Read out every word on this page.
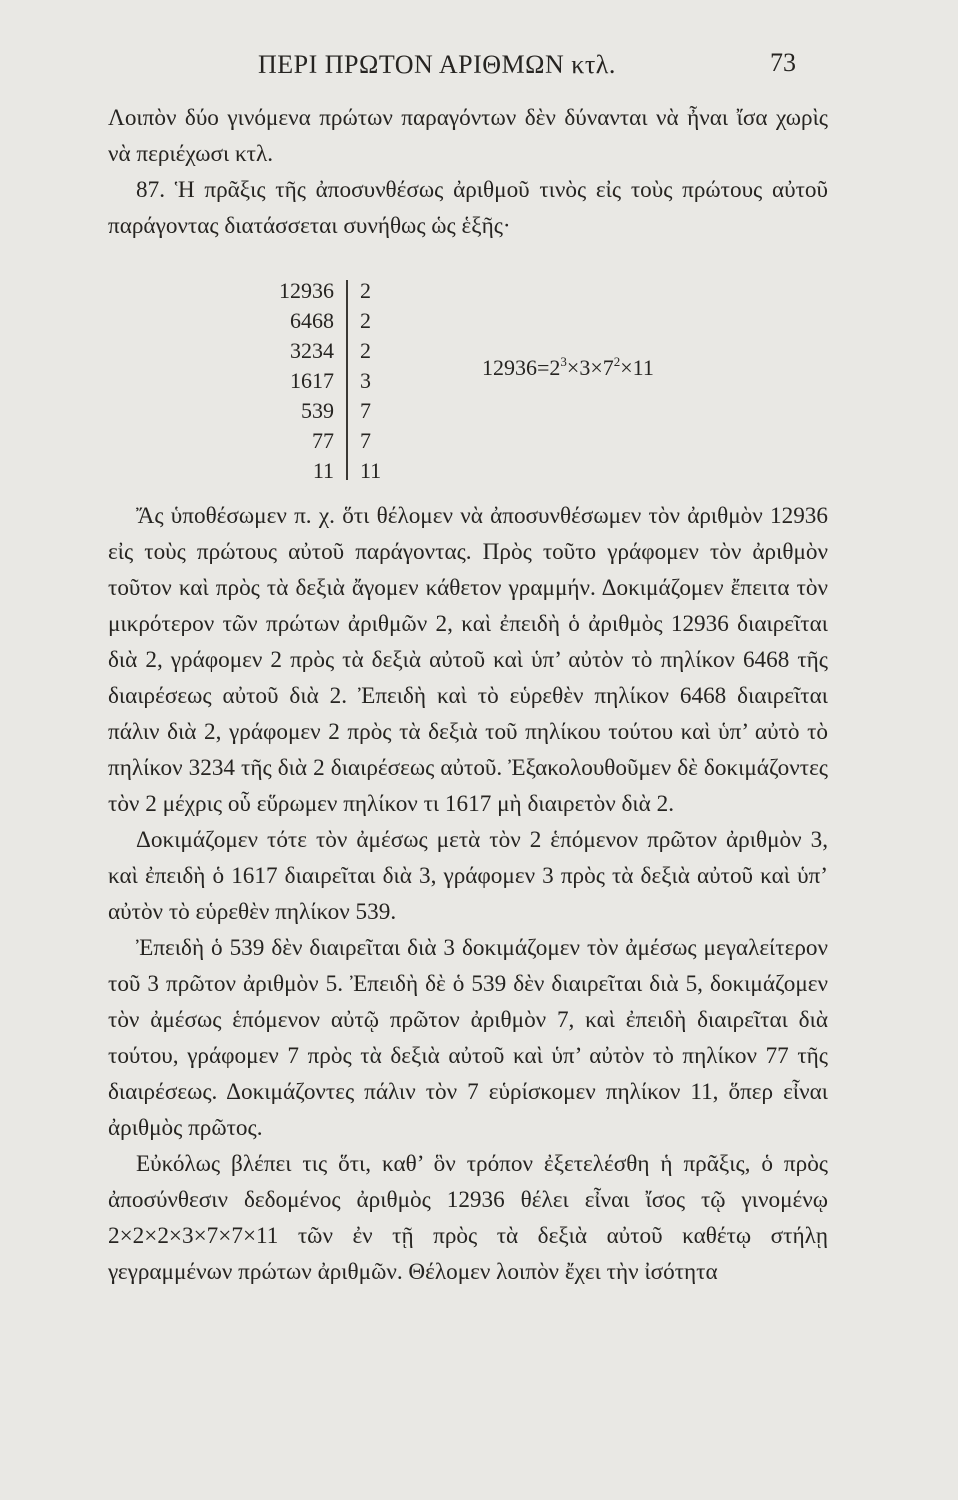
ΠΕΡΙ ΠΡΩΤΟΝ ΑΡΙΘΜΩΝ κτλ.	73

Λοιπὸν δύο γινόμενα πρώτων παραγόντων δὲν δύνανται νὰ ἦναι ἴσα χωρὶς νὰ περιέχωσι κτλ.

87. Ἡ πρᾶξις τῆς ἀποσυνθέσως ἀριθμοῦ τινὸς εἰς τοὺς πρώτους αὐτοῦ παράγοντας διατάσσεται συνήθως ὡς ἑξῆς·

12936
6468
3234
1617
539
77
11
2
2
2
3
7
7
11
$12936=2^3\times 3\times 7^2\times 11$

Ἄς ὑποθέσωμεν π. χ. ὅτι θέλομεν νὰ ἀποσυνθέσωμεν τὸν ἀριθμὸν 12936 εἰς τοὺς πρώτους αὐτοῦ παράγοντας. Πρὸς τοῦτο γράφομεν τὸν ἀριθμὸν τοῦτον καὶ πρὸς τὰ δεξιὰ ἄγομεν κάθετον γραμμήν. Δοκιμάζομεν ἔπειτα τὸν μικρότερον τῶν πρώτων ἀριθμῶν 2, καὶ ἐπειδὴ ὁ ἀριθμὸς 12936 διαιρεῖται διὰ 2, γράφομεν 2 πρὸς τὰ δεξιὰ αὐτοῦ καὶ ὑπ’ αὐτὸν τὸ πηλίκον 6468 τῆς διαιρέσεως αὐτοῦ διὰ 2. Ἐπειδὴ καὶ τὸ εὑρεθὲν πηλίκον 6468 διαιρεῖται πάλιν διὰ 2, γράφομεν 2 πρὸς τὰ δεξιὰ τοῦ πηλίκου τούτου καὶ ὑπ’ αὐτὸ τὸ πηλίκον 3234 τῆς διὰ 2 διαιρέσεως αὐτοῦ. Ἐξακολουθοῦμεν δὲ δοκιμάζοντες τὸν 2 μέχρις οὗ εὕρωμεν πηλίκον τι 1617 μὴ διαιρετὸν διὰ 2.

Δοκιμάζομεν τότε τὸν ἀμέσως μετὰ τὸν 2 ἑπόμενον πρῶτον ἀριθμὸν 3, καὶ ἐπειδὴ ὁ 1617 διαιρεῖται διὰ 3, γράφομεν 3 πρὸς τὰ δεξιὰ αὐτοῦ καὶ ὑπ’ αὐτὸν τὸ εὑρεθὲν πηλίκον 539.

Ἐπειδὴ ὁ 539 δὲν διαιρεῖται διὰ 3 δοκιμάζομεν τὸν ἀμέσως μεγαλείτερον τοῦ 3 πρῶτον ἀριθμὸν 5. Ἐπειδὴ δὲ ὁ 539 δὲν διαιρεῖται διὰ 5, δοκιμάζομεν τὸν ἀμέσως ἑπόμενον αὐτῷ πρῶτον ἀριθμὸν 7, καὶ ἐπειδὴ διαιρεῖται διὰ τούτου, γράφομεν 7 πρὸς τὰ δεξιὰ αὐτοῦ καὶ ὑπ’ αὐτὸν τὸ πηλίκον 77 τῆς διαιρέσεως. Δοκιμάζοντες πάλιν τὸν 7 εὑρίσκομεν πηλίκον 11, ὅπερ εἶναι ἀριθμὸς πρῶτος.

Εὐκόλως βλέπει τις ὅτι, καθ’ ὃν τρόπον ἐξετελέσθη ἡ πρᾶξις, ὁ πρὸς ἀποσύνθεσιν δεδομένος ἀριθμὸς 12936 θέλει εἶναι ἴσος τῷ γινομένῳ 2×2×2×3×7×7×11 τῶν ἐν τῇ πρὸς τὰ δεξιὰ αὐτοῦ καθέτῳ στήλῃ γεγραμμένων πρώτων ἀριθμῶν. Θέλομεν λοιπὸν ἔχει τὴν ἰσότητα
